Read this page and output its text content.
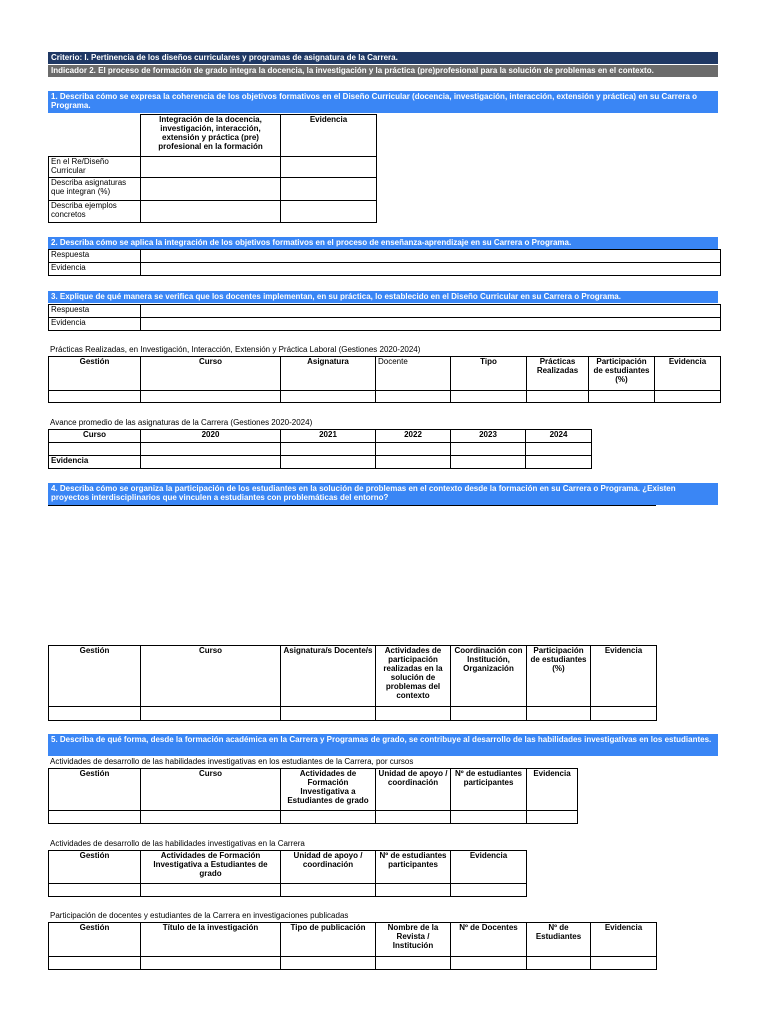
Criterio: I. Pertinencia de los diseños curriculares y programas de asignatura de la Carrera.
Indicador 2. El proceso de formación de grado integra la docencia, la investigación y la práctica (pre)profesional para la solución de problemas en el contexto.
1. Describa cómo se expresa la coherencia de los objetivos formativos en el Diseño Curricular (docencia, investigación, interacción, extensión y práctica) en su Carrera o Programa.
	Integración de la docencia, investigación, interacción, extensión y práctica (pre) profesional en la formación	Evidencia
En el Re/Diseño Curricular		
Describa asignaturas que integran (%)		
Describa ejemplos concretos		
2. Describa cómo se aplica la integración de los objetivos formativos en el proceso de enseñanza-aprendizaje en su Carrera o Programa.
Respuesta	
Evidencia	
3. Explique de qué manera se verifica que los docentes implementan, en su práctica, lo establecido en el Diseño Curricular en su Carrera o Programa.
Respuesta	
Evidencia	
Prácticas Realizadas, en Investigación, Interacción, Extensión y Práctica Laboral (Gestiones 2020-2024)
Gestión	Curso	Asignatura	Docente	Tipo	Prácticas Realizadas	Participación de estudiantes (%)	Evidencia

Avance promedio de las asignaturas de la Carrera (Gestiones 2020-2024)
Curso	2020	2021	2022	2023	2024

Evidencia					
4. Describa cómo se organiza la participación de los estudiantes en la solución de problemas en el contexto desde la formación en su Carrera o Programa. ¿Existen proyectos interdisciplinarios que vinculen a estudiantes con problemáticas del entorno?
Gestión	Curso	Asignatura/s Docente/s	Actividades de participación realizadas en la solución de problemas del contexto	Coordinación con Institución, Organización	Participación de estudiantes (%)	Evidencia

5. Describa de qué forma, desde la formación académica en la Carrera y Programas de grado, se contribuye al desarrollo de las habilidades investigativas en los estudiantes.
Actividades de desarrollo de las habilidades investigativas en los estudiantes de la Carrera, por cursos
Gestión	Curso	Actividades de Formación Investigativa a Estudiantes de grado	Unidad de apoyo / coordinación	Nº de estudiantes participantes	Evidencia

Actividades de desarrollo de las habilidades investigativas en la Carrera
Gestión	Actividades de Formación Investigativa a Estudiantes de grado	Unidad de apoyo / coordinación	Nº de estudiantes participantes	Evidencia

Participación de docentes y estudiantes de la Carrera en investigaciones publicadas
Gestión	Título de la investigación	Tipo de publicación	Nombre de la Revista / Institución	Nº de Docentes	Nº de Estudiantes	Evidencia
